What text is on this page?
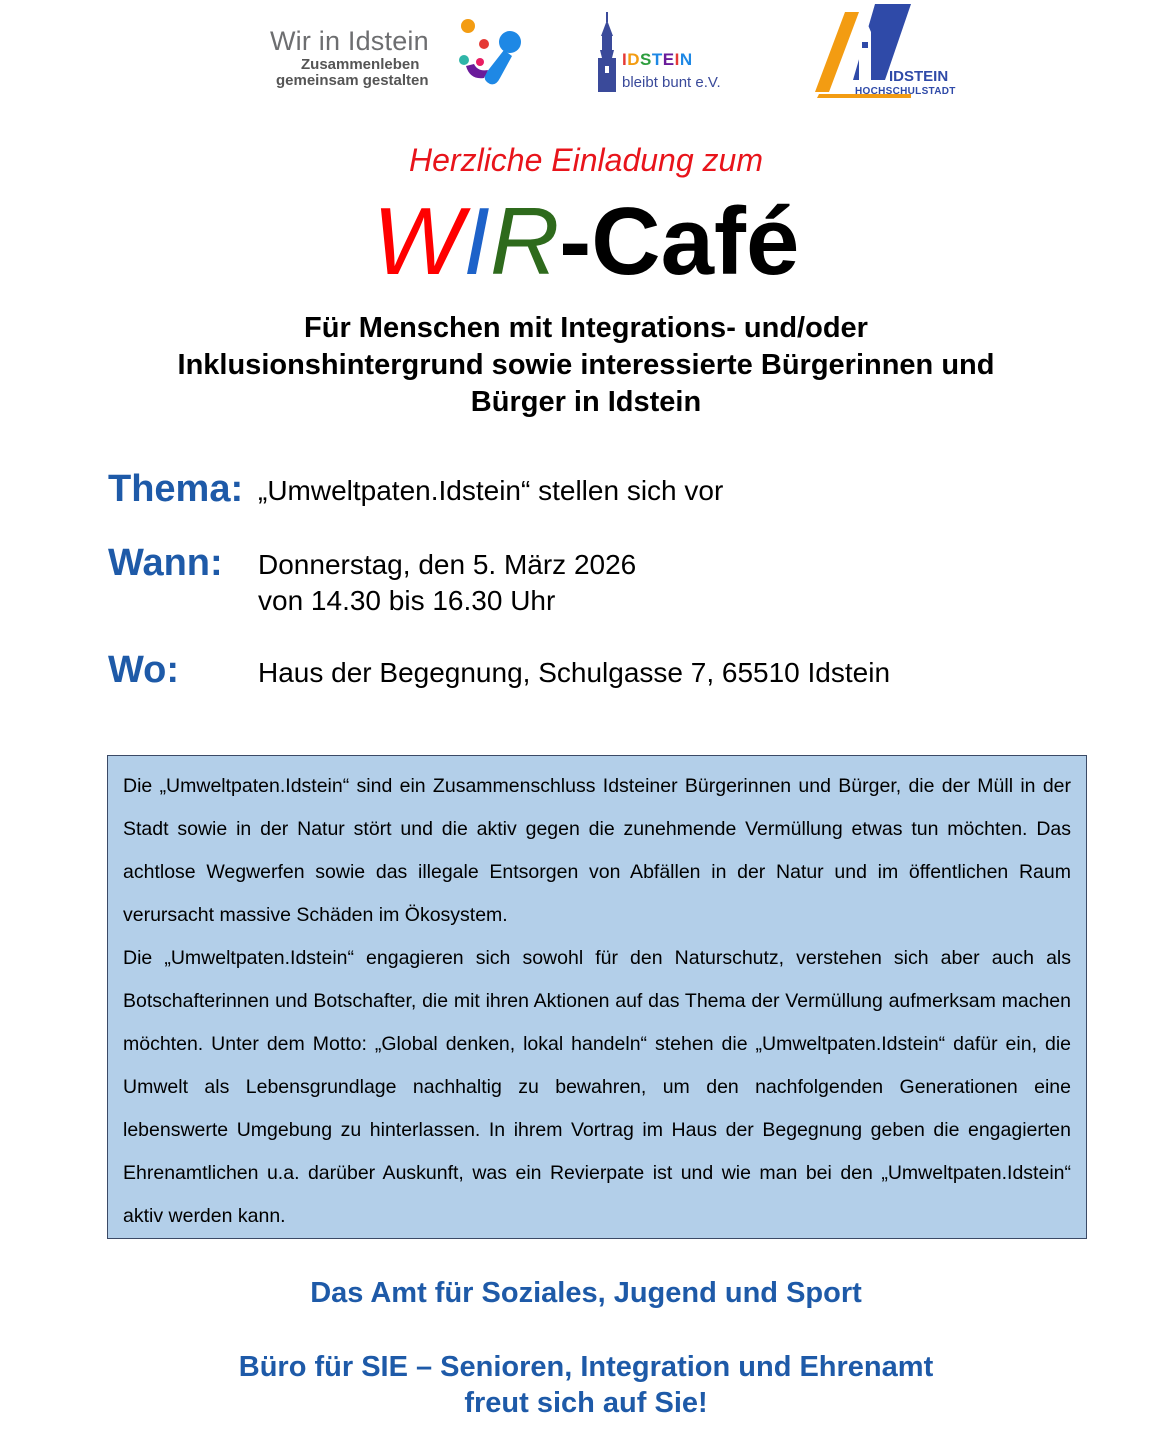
Wir in Idstein
Zusammenleben
gemeinsam gestalten
IDSTEIN
bleibt bunt e.V.	IDSTEIN
HOCHSCHULSTADT
Herzliche Einladung zum
WIR-Café
Für Menschen mit Integrations- und/oder
Inklusionshintergrund sowie interessierte Bürgerinnen und
Bürger in Idstein
Thema: „Umweltpaten.Idstein“ stellen sich vor
Wann: Donnerstag, den 5. März 2026
von 14.30 bis 16.30 Uhr
Wo:	Haus der Begegnung, Schulgasse 7, 65510 Idstein

Die „Umweltpaten.Idstein“ sind ein Zusammenschluss Idsteiner Bürgerinnen und Bürger, die der Müll in der Stadt sowie in der Natur stört und die aktiv gegen die zunehmende Vermüllung etwas tun möchten. Das achtlose Wegwerfen sowie das illegale Entsorgen von Abfällen in der Natur und im öffentlichen Raum verursacht massive Schäden im Ökosystem.

Die „Umweltpaten.Idstein“ engagieren sich sowohl für den Naturschutz, verstehen sich aber auch als Botschafterinnen und Botschafter, die mit ihren Aktionen auf das Thema der Vermüllung aufmerksam machen möchten. Unter dem Motto: „Global denken, lokal handeln“ stehen die „Umweltpaten.Idstein“ dafür ein, die Umwelt als Lebensgrundlage nachhaltig zu bewahren, um den nachfolgenden Generationen eine lebenswerte Umgebung zu hinterlassen. In ihrem Vortrag im Haus der Begegnung geben die engagierten Ehrenamtlichen u.a. darüber Auskunft, was ein Revierpate ist und wie man bei den „Umweltpaten.Idstein“ aktiv werden kann.

Das Amt für Soziales, Jugend und Sport
Büro für SIE – Senioren, Integration und Ehrenamt
freut sich auf Sie!
